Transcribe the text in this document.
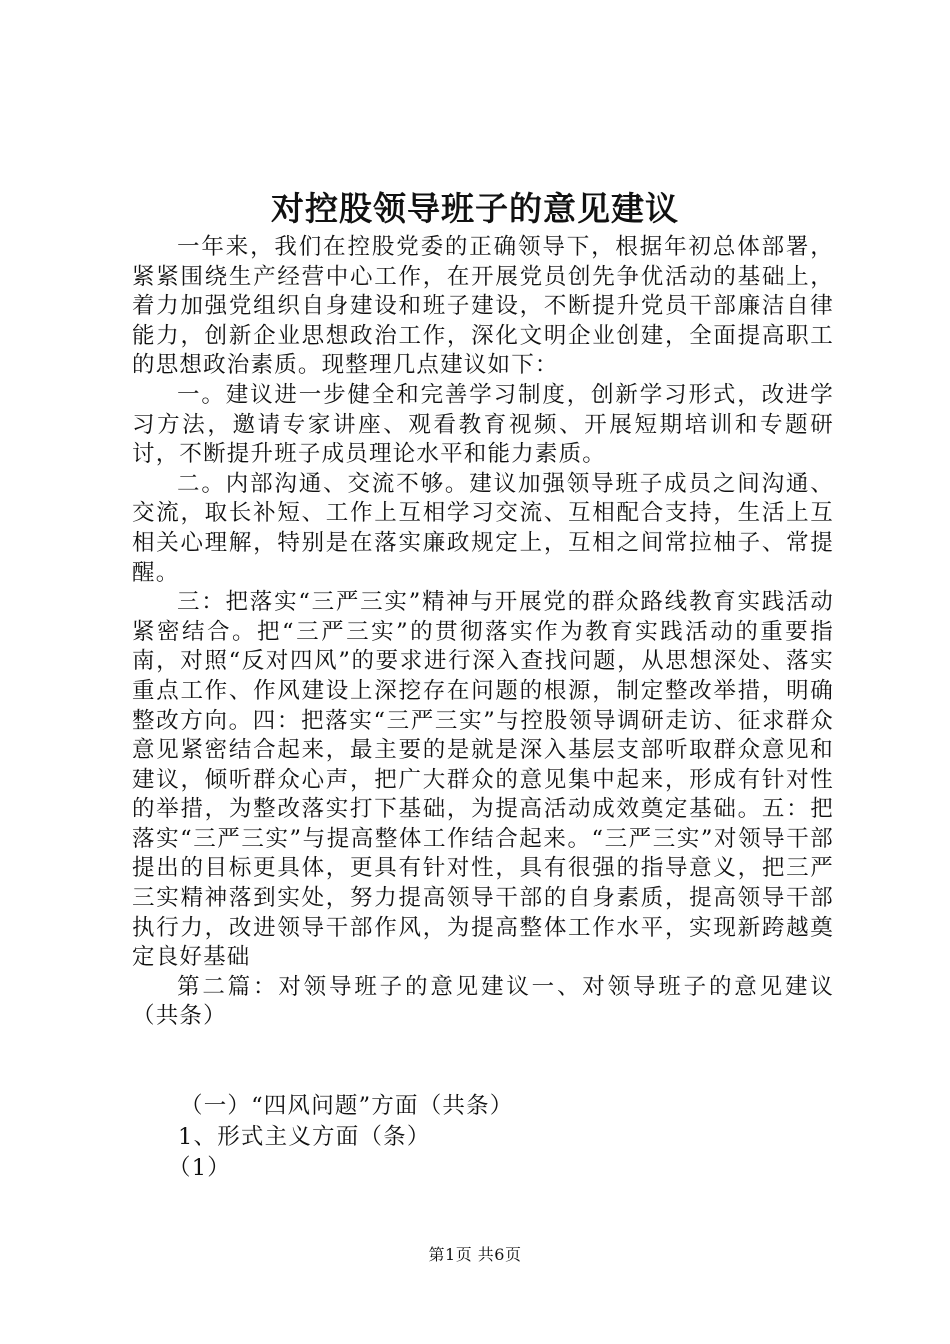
对控股领导班子的意见建议

一年来，我们在控股党委的正确领导下，根据年初总体部署，紧紧围绕生产经营中心工作，在开展党员创先争优活动的基础上，着力加强党组织自身建设和班子建设，不断提升党员干部廉洁自律能力，创新企业思想政治工作，深化文明企业创建，全面提高职工的思想政治素质。现整理几点建议如下：

一。建议进一步健全和完善学习制度，创新学习形式，改进学习方法，邀请专家讲座、观看教育视频、开展短期培训和专题研讨，不断提升班子成员理论水平和能力素质。

二。内部沟通、交流不够。建议加强领导班子成员之间沟通、交流，取长补短、工作上互相学习交流、互相配合支持，生活上互相关心理解，特别是在落实廉政规定上，互相之间常拉柚子、常提醒。

三：把落实“三严三实”精神与开展党的群众路线教育实践活动紧密结合。把“三严三实”的贯彻落实作为教育实践活动的重要指南，对照“反对四风”的要求进行深入查找问题，从思想深处、落实重点工作、作风建设上深挖存在问题的根源，制定整改举措，明确整改方向。四：把落实“三严三实”与控股领导调研走访、征求群众意见紧密结合起来，最主要的是就是深入基层支部听取群众意见和建议，倾听群众心声，把广大群众的意见集中起来，形成有针对性的举措，为整改落实打下基础，为提高活动成效奠定基础。五：把落实“三严三实”与提高整体工作结合起来。“三严三实”对领导干部提出的目标更具体，更具有针对性，具有很强的指导意义，把三严三实精神落到实处，努力提高领导干部的自身素质，提高领导干部执行力，改进领导干部作风，为提高整体工作水平，实现新跨越奠定良好基础

第二篇：对领导班子的意见建议一、对领导班子的意见建议（共条）

（一）“四风问题”方面（共条）
1、形式主义方面（条）
（1）
第1页 共6页
